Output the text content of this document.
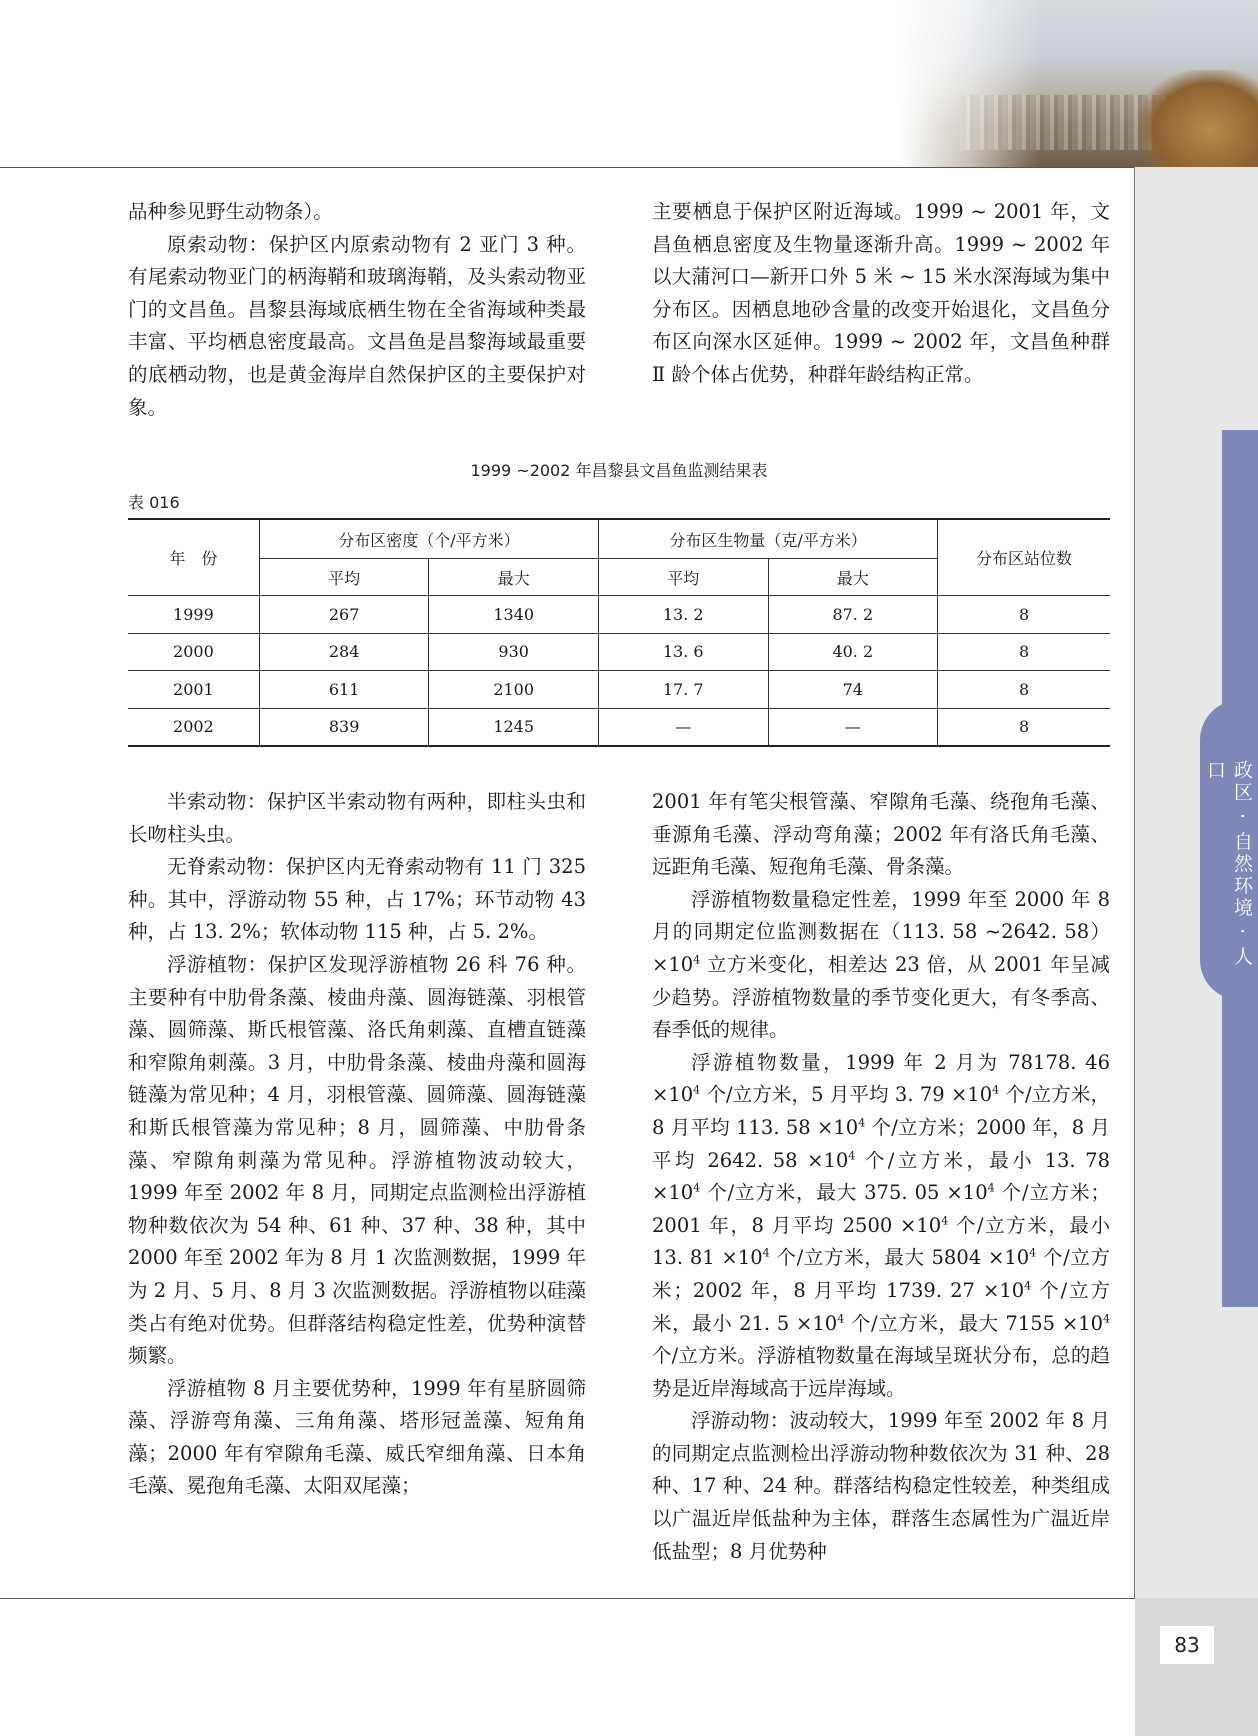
政区 · 自然环境 · 人口

品种参见野生动物条）。

原索动物：保护区内原索动物有 2 亚门 3 种。有尾索动物亚门的柄海鞘和玻璃海鞘，及头索动物亚门的文昌鱼。昌黎县海域底栖生物在全省海域种类最丰富、平均栖息密度最高。文昌鱼是昌黎海域最重要的底栖动物，也是黄金海岸自然保护区的主要保护对象。

主要栖息于保护区附近海域。1999 ~ 2001 年，文昌鱼栖息密度及生物量逐渐升高。1999 ~ 2002 年以大蒲河口—新开口外 5 米 ~ 15 米水深海域为集中分布区。因栖息地砂含量的改变开始退化，文昌鱼分布区向深水区延伸。1999 ~ 2002 年，文昌鱼种群 Ⅱ 龄个体占优势，种群年龄结构正常。

1999 ~2002 年昌黎县文昌鱼监测结果表
表 016
年　份	分布区密度（个/平方米）		分布区生物量（克/平方米）		分布区站位数
	平均	最大	平均	最大	
1999	267	1340	13. 2	87. 2	8
2000	284	930	13. 6	40. 2	8
2001	611	2100	17. 7	74	8
2002	839	1245	—	—	8

半索动物：保护区半索动物有两种，即柱头虫和长吻柱头虫。

无脊索动物：保护区内无脊索动物有 11 门 325 种。其中，浮游动物 55 种，占 17%；环节动物 43 种，占 13. 2%；软体动物 115 种，占 5. 2%。

浮游植物：保护区发现浮游植物 26 科 76 种。主要种有中肋骨条藻、棱曲舟藻、圆海链藻、羽根管藻、圆筛藻、斯氏根管藻、洛氏角刺藻、直槽直链藻和窄隙角刺藻。3 月，中肋骨条藻、棱曲舟藻和圆海链藻为常见种；4 月，羽根管藻、圆筛藻、圆海链藻和斯氏根管藻为常见种；8 月，圆筛藻、中肋骨条藻、窄隙角刺藻为常见种。浮游植物波动较大，1999 年至 2002 年 8 月，同期定点监测检出浮游植物种数依次为 54 种、61 种、37 种、38 种，其中 2000 年至 2002 年为 8 月 1 次监测数据，1999 年为 2 月、5 月、8 月 3 次监测数据。浮游植物以硅藻类占有绝对优势。但群落结构稳定性差，优势种演替频繁。

浮游植物 8 月主要优势种，1999 年有星脐圆筛藻、浮游弯角藻、三角角藻、塔形冠盖藻、短角角藻；2000 年有窄隙角毛藻、威氏窄细角藻、日本角毛藻、冕孢角毛藻、太阳双尾藻；

2001 年有笔尖根管藻、窄隙角毛藻、绕孢角毛藻、垂源角毛藻、浮动弯角藻；2002 年有洛氏角毛藻、远距角毛藻、短孢角毛藻、骨条藻。

浮游植物数量稳定性差，1999 年至 2000 年 8 月的同期定位监测数据在（113. 58 ~2642. $58)\times 10^4$ 立方米变化，相差达 23 倍，从 2001 年呈减少趋势。浮游植物数量的季节变化更大，有冬季高、春季低的规律。

浮游植物数量，1999 年 2 月为 78178. $46 \times 10^4$ 个/立方米，5 月平均 3. $79 \times 10^4$ 个/立方米，8 月平均 113. $58 \times 10^4$ 个/立方米；2000 年，8 月平均 2642. $58 \times 10^4$ 个/立方米，最小 13. $78 \times 10^4$ 个/立方米，最大 375. $05 \times 10^4$ 个/立方米；2001 年，8 月平均 $2500 \times 10^4$ 个/立方米，最小 13. $81 \times 10^4$ 个/立方米，最大 $5804 \times 10^4$ 个/立方米；2002 年，8 月平均 1739. $27 \times 10^4$ 个/立方米，最小 21. $5 \times 10^4$ 个/立方米，最大 $7155 \times 10^4$ 个/立方米。浮游植物数量在海域呈斑状分布，总的趋势是近岸海域高于远岸海域。

浮游动物：波动较大，1999 年至 2002 年 8 月的同期定点监测检出浮游动物种数依次为 31 种、28 种、17 种、24 种。群落结构稳定性较差，种类组成以广温近岸低盐种为主体，群落生态属性为广温近岸低盐型；8 月优势种

83
